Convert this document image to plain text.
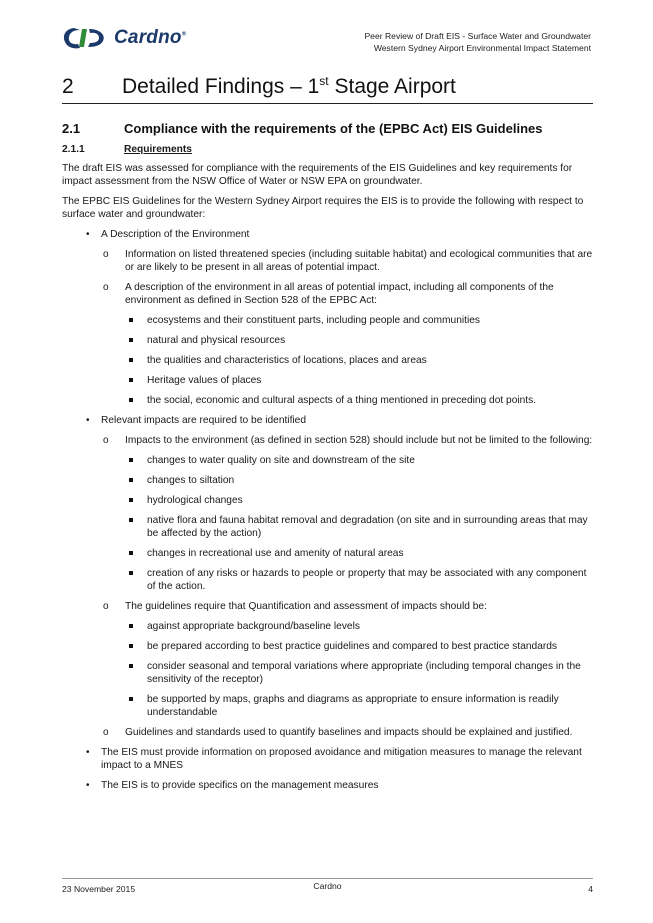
Cardno®	Peer Review of Draft EIS - Surface Water and Groundwater
Western Sydney Airport Environmental Impact Statement
2 Detailed Findings – 1st Stage Airport
2.1	Compliance with the requirements of the (EPBC Act) EIS Guidelines
2.1.1	Requirements

The draft EIS was assessed for compliance with the requirements of the EIS Guidelines and key requirements for impact assessment from the NSW Office of Water or NSW EPA on groundwater.

The EPBC EIS Guidelines for the Western Sydney Airport requires the EIS is to provide the following with respect to surface water and groundwater:

• A Description of the Environment
o Information on listed threatened species (including suitable habitat) and ecological communities that are or are likely to be present in all areas of potential impact.
o A description of the environment in all areas of potential impact, including all components of the environment as defined in Section 528 of the EPBC Act:
ecosystems and their constituent parts, including people and communities
natural and physical resources
the qualities and characteristics of locations, places and areas
Heritage values of places
the social, economic and cultural aspects of a thing mentioned in preceding dot points.
• Relevant impacts are required to be identified
o Impacts to the environment (as defined in section 528) should include but not be limited to the following:
changes to water quality on site and downstream of the site
changes to siltation
hydrological changes
native flora and fauna habitat removal and degradation (on site and in surrounding areas that may be affected by the action)
changes in recreational use and amenity of natural areas
creation of any risks or hazards to people or property that may be associated with any component of the action.
o The guidelines require that Quantification and assessment of impacts should be:
against appropriate background/baseline levels
be prepared according to best practice guidelines and compared to best practice standards
consider seasonal and temporal variations where appropriate (including temporal changes in the sensitivity of the receptor)
be supported by maps, graphs and diagrams as appropriate to ensure information is readily understandable
o Guidelines and standards used to quantify baselines and impacts should be explained and justified.
• The EIS must provide information on proposed avoidance and mitigation measures to manage the relevant impact to a MNES
• The EIS is to provide specifics on the management measures
23 November 2015	Cardno	4
